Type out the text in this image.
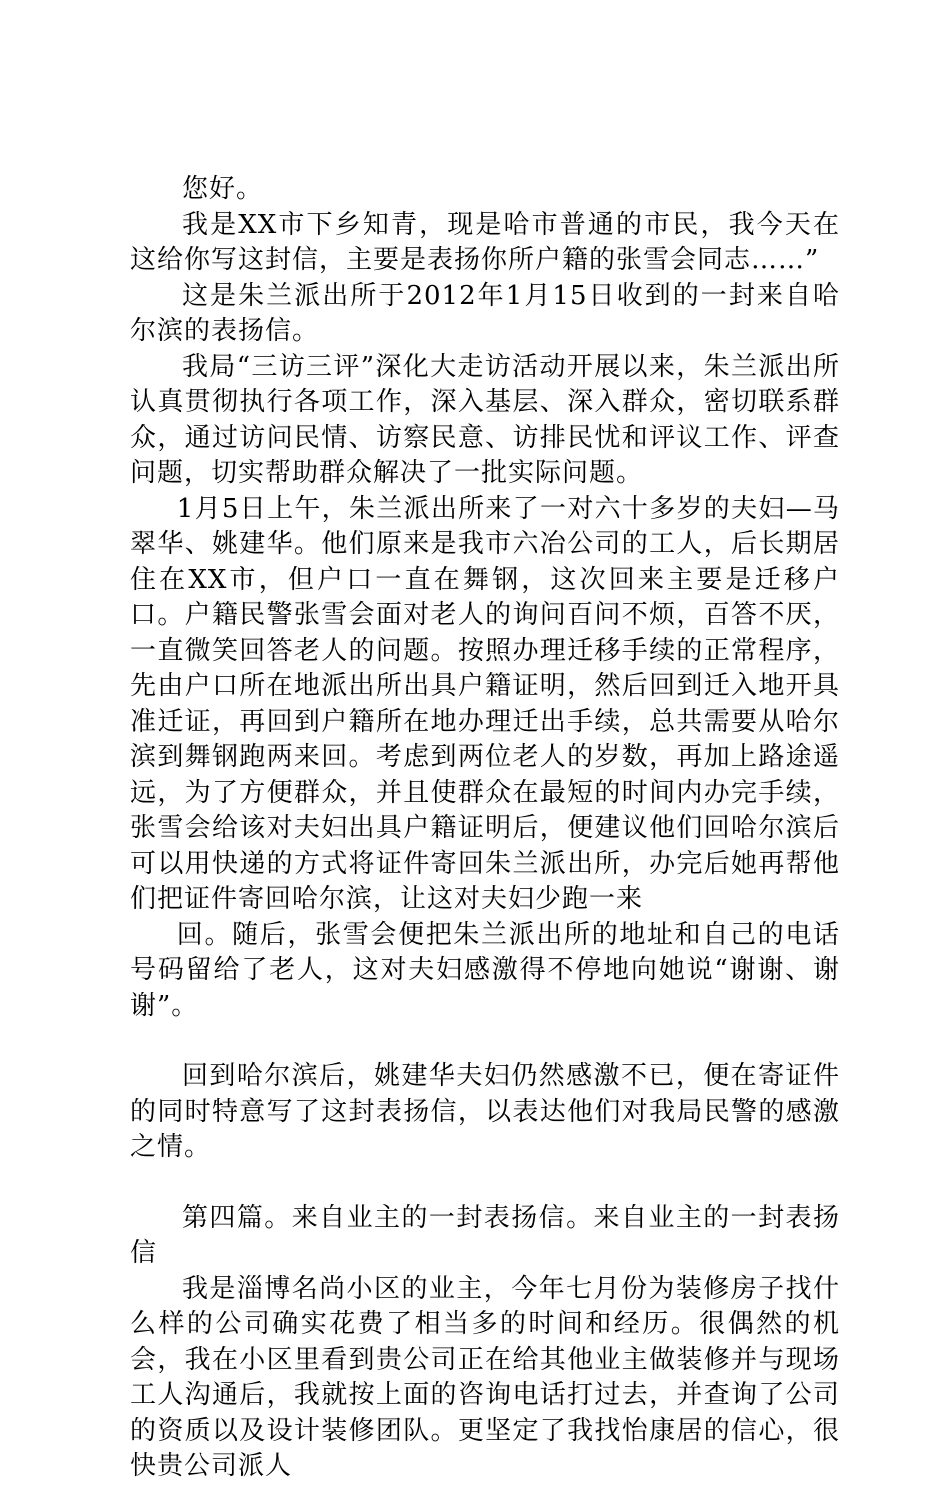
您好。

我是XX市下乡知青，现是哈市普通的市民，我今天在这给你写这封信，主要是表扬你所户籍的张雪会同志……”

这是朱兰派出所于2012年1月15日收到的一封来自哈尔滨的表扬信。

我局“三访三评”深化大走访活动开展以来，朱兰派出所认真贯彻执行各项工作，深入基层、深入群众，密切联系群众，通过访问民情、访察民意、访排民忧和评议工作、评查问题，切实帮助群众解决了一批实际问题。

1月5日上午，朱兰派出所来了一对六十多岁的夫妇—马翠华、姚建华。他们原来是我市六冶公司的工人，后长期居住在XX市，但户口一直在舞钢，这次回来主要是迁移户口。户籍民警张雪会面对老人的询问百问不烦，百答不厌，一直微笑回答老人的问题。按照办理迁移手续的正常程序，先由户口所在地派出所出具户籍证明，然后回到迁入地开具准迁证，再回到户籍所在地办理迁出手续，总共需要从哈尔滨到舞钢跑两来回。考虑到两位老人的岁数，再加上路途遥远，为了方便群众，并且使群众在最短的时间内办完手续，张雪会给该对夫妇出具户籍证明后，便建议他们回哈尔滨后可以用快递的方式将证件寄回朱兰派出所，办完后她再帮他们把证件寄回哈尔滨，让这对夫妇少跑一来

回。随后，张雪会便把朱兰派出所的地址和自己的电话号码留给了老人，这对夫妇感激得不停地向她说“谢谢、谢谢”。

回到哈尔滨后，姚建华夫妇仍然感激不已，便在寄证件的同时特意写了这封表扬信，以表达他们对我局民警的感激之情。

第四篇。来自业主的一封表扬信。来自业主的一封表扬信

我是淄博名尚小区的业主，今年七月份为装修房子找什么样的公司确实花费了相当多的时间和经历。很偶然的机会，我在小区里看到贵公司正在给其他业主做装修并与现场工人沟通后，我就按上面的咨询电话打过去，并查询了公司的资质以及设计装修团队。更坚定了我找怡康居的信心，很快贵公司派人
